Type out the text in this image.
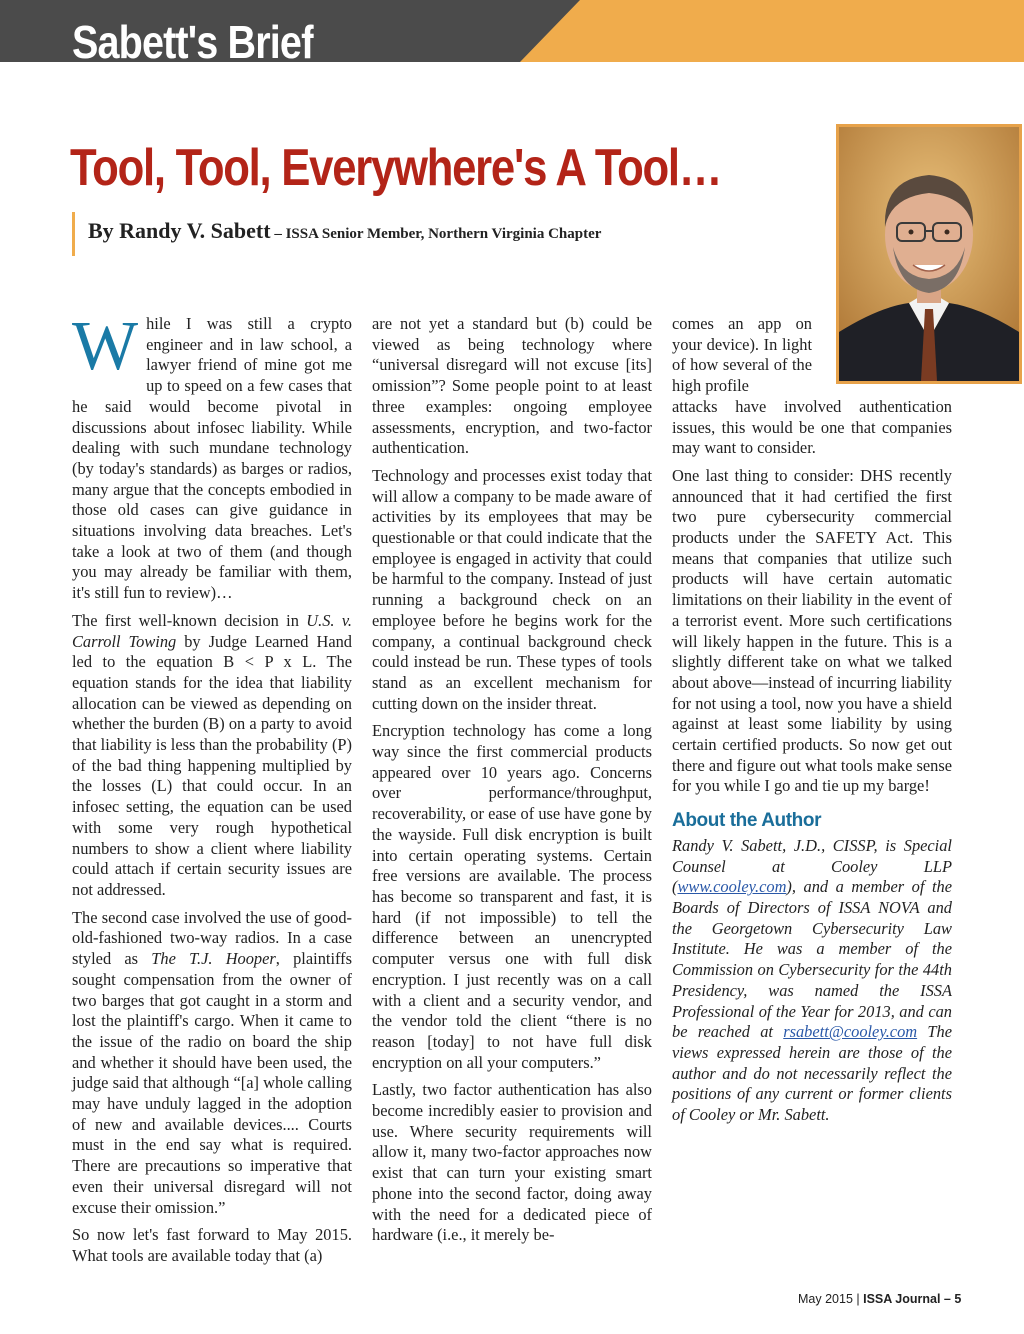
Sabett's Brief
Tool, Tool, Everywhere's A Tool…
By Randy V. Sabett – ISSA Senior Member, Northern Virginia Chapter

While I was still a crypto engineer and in law school, a lawyer friend of mine got me up to speed on a few cases that he said would become pivotal in discussions about infosec liability. While dealing with such mundane technology (by today's standards) as barges or radios, many argue that the concepts embodied in those old cases can give guidance in situations involving data breaches. Let's take a look at two of them (and though you may already be familiar with them, it's still fun to review)…

The first well-known decision in U.S. v. Carroll Towing by Judge Learned Hand led to the equation B < P x L. The equation stands for the idea that liability allocation can be viewed as depending on whether the burden (B) on a party to avoid that liability is less than the probability (P) of the bad thing happening multiplied by the losses (L) that could occur. In an infosec setting, the equation can be used with some very rough hypothetical numbers to show a client where liability could attach if certain security issues are not addressed.

The second case involved the use of good-old-fashioned two-way radios. In a case styled as The T.J. Hooper, plaintiffs sought compensation from the owner of two barges that got caught in a storm and lost the plaintiff's cargo. When it came to the issue of the radio on board the ship and whether it should have been used, the judge said that although “[a] whole calling may have unduly lagged in the adoption of new and available devices.... Courts must in the end say what is required. There are precautions so imperative that even their universal disregard will not excuse their omission.”

So now let's fast forward to May 2015. What tools are available today that (a)

are not yet a standard but (b) could be viewed as being technology where “universal disregard will not excuse [its] omission”? Some people point to at least three examples: ongoing employee assessments, encryption, and two-factor authentication.

Technology and processes exist today that will allow a company to be made aware of activities by its employees that may be questionable or that could indicate that the employee is engaged in activity that could be harmful to the company. Instead of just running a background check on an employee before he begins work for the company, a continual background check could instead be run. These types of tools stand as an excellent mechanism for cutting down on the insider threat.

Encryption technology has come a long way since the first commercial products appeared over 10 years ago. Concerns over performance/throughput, recoverability, or ease of use have gone by the wayside. Full disk encryption is built into certain operating systems. Certain free versions are available. The process has become so transparent and fast, it is hard (if not impossible) to tell the difference between an unencrypted computer versus one with full disk encryption. I just recently was on a call with a client and a security vendor, and the vendor told the client “there is no reason [today] to not have full disk encryption on all your computers.”

Lastly, two factor authentication has also become incredibly easier to provision and use. Where security requirements will allow it, many two-factor approaches now exist that can turn your existing smart phone into the second factor, doing away with the need for a dedicated piece of hardware (i.e., it merely be-

comes an app on your device). In light of how several of the high profile
attacks have involved authentication issues, this would be one that companies may want to consider.

One last thing to consider: DHS recently announced that it had certified the first two pure cybersecurity commercial products under the SAFETY Act. This means that companies that utilize such products will have certain automatic limitations on their liability in the event of a terrorist event. More such certifications will likely happen in the future. This is a slightly different take on what we talked about above—instead of incurring liability for not using a tool, now you have a shield against at least some liability by using certain certified products. So now get out there and figure out what tools make sense for you while I go and tie up my barge!

About the Author

Randy V. Sabett, J.D., CISSP, is Special Counsel at Cooley LLP (www.cooley.com), and a member of the Boards of Directors of ISSA NOVA and the Georgetown Cybersecurity Law Institute. He was a member of the Commission on Cybersecurity for the 44th Presidency, was named the ISSA Professional of the Year for 2013, and can be reached at rsabett@cooley.com The views expressed herein are those of the author and do not necessarily reflect the positions of any current or former clients of Cooley or Mr. Sabett.

May 2015 | ISSA Journal – 5
